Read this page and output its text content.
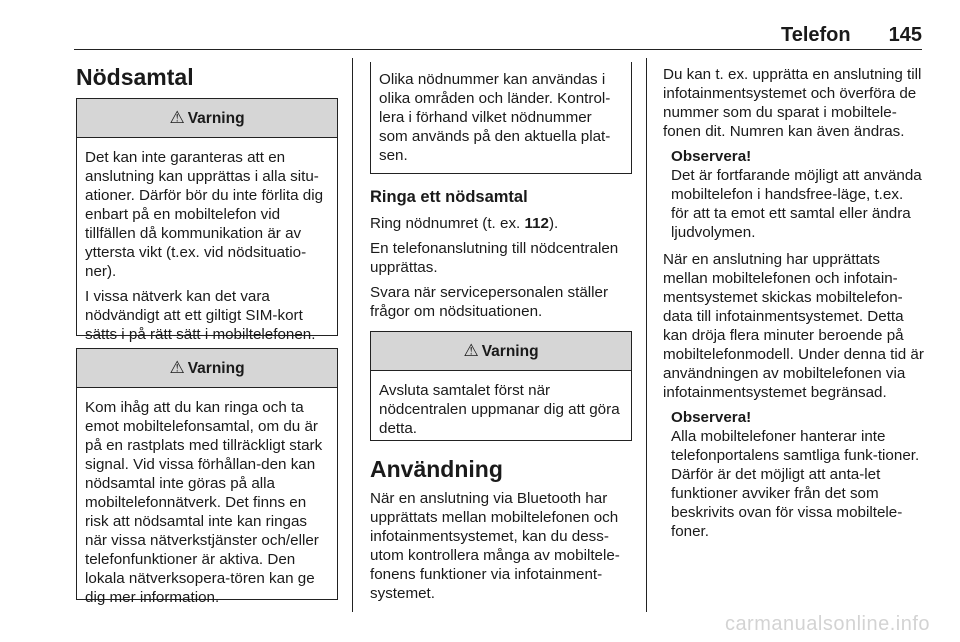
Telefon 145
Nödsamtal
⚠ Varning

Det kan inte garanteras att en anslutning kan upprättas i alla situ-ationer. Därför bör du inte förlita dig enbart på en mobiltelefon vid tillfällen då kommunikation är av yttersta vikt (t.ex. vid nödsituatio-ner).

I vissa nätverk kan det vara nödvändigt att ett giltigt SIM-kort sätts i på rätt sätt i mobiltelefonen.

⚠ Varning

Kom ihåg att du kan ringa och ta emot mobiltelefonsamtal, om du är på en rastplats med tillräckligt stark signal. Vid vissa förhållan-den kan nödsamtal inte göras på alla mobiltelefonnätverk. Det finns en risk att nödsamtal inte kan ringas när vissa nätverkstjänster och/eller telefonfunktioner är aktiva. Den lokala nätverksopera-tören kan ge dig mer information.

Olika nödnummer kan användas i olika områden och länder. Kontrol-lera i förhand vilket nödnummer som används på den aktuella plat-sen.

Ringa ett nödsamtal

Ring nödnumret (t. ex. 112).

En telefonanslutning till nödcentralen upprättas.

Svara när servicepersonalen ställer frågor om nödsituationen.

⚠ Varning

Avsluta samtalet först när nödcentralen uppmanar dig att göra detta.

Användning

När en anslutning via Bluetooth har upprättats mellan mobiltelefonen och infotainmentsystemet, kan du dess-utom kontrollera många av mobiltele-fonens funktioner via infotainment-systemet.

Du kan t. ex. upprätta en anslutning till infotainmentsystemet och överföra de nummer som du sparat i mobiltele-fonen dit. Numren kan även ändras.

Observera!
Det är fortfarande möjligt att använda mobiltelefon i handsfree-läge, t.ex. för att ta emot ett samtal eller ändra ljudvolymen.

När en anslutning har upprättats mellan mobiltelefonen och infotain-mentsystemet skickas mobiltelefon-data till infotainmentsystemet. Detta kan dröja flera minuter beroende på mobiltelefonmodell. Under denna tid är användningen av mobiltelefonen via infotainmentsystemet begränsad.

Observera!
Alla mobiltelefoner hanterar inte telefonportalens samtliga funk-tioner. Därför är det möjligt att anta-let funktioner avviker från det som beskrivits ovan för vissa mobiltele-foner.
carmanualsonline.info
